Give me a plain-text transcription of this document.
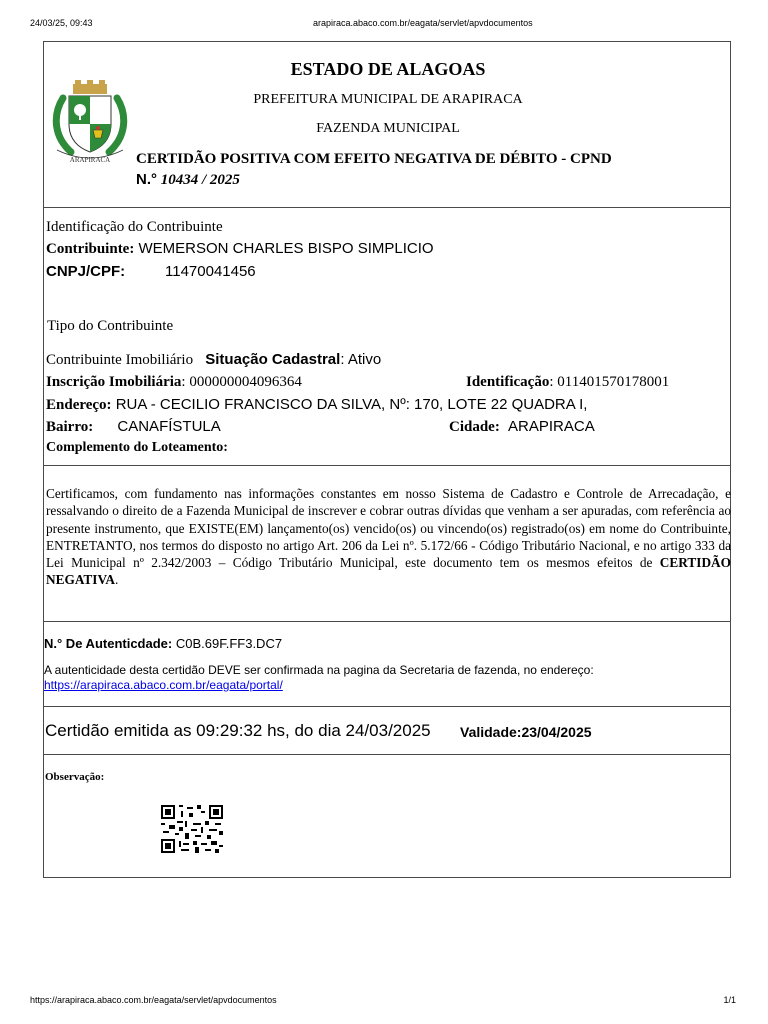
24/03/25, 09:43	arapiraca.abaco.com.br/eagata/servlet/apvdocumentos
ARAPIRACA
ESTADO DE ALAGOAS
PREFEITURA MUNICIPAL DE ARAPIRACA
FAZENDA MUNICIPAL
CERTIDÃO POSITIVA COM EFEITO NEGATIVA DE DÉBITO - CPND
N.° 10434 / 2025
Identificação do Contribuinte
Contribuinte: WEMERSON CHARLES BISPO SIMPLICIO
CNPJ/CPF:	11470041456
Tipo do Contribuinte
Contribuinte Imobiliário Situação Cadastral: Ativo
Inscrição Imobiliária: 000000004096364	Identificação: 011401570178001
Endereço: RUA - CECILIO FRANCISCO DA SILVA, Nº: 170, LOTE 22 QUADRA I,
Bairro: CANAFÍSTULA	Cidade: ARAPIRACA
Complemento do Loteamento:
Certificamos, com fundamento nas informações constantes em nosso Sistema de Cadastro e Controle de Arrecadação, e ressalvando o direito de a Fazenda Municipal de inscrever e cobrar outras dívidas que venham a ser apuradas, com referência ao presente instrumento, que EXISTE(EM) lançamento(os) vencido(os) ou vincendo(os) registrado(os) em nome do Contribuinte, ENTRETANTO, nos termos do disposto no artigo Art. 206 da Lei nº. 5.172/66 - Código Tributário Nacional, e no artigo 333 da Lei Municipal nº 2.342/2003 – Código Tributário Municipal, este documento tem os mesmos efeitos de CERTIDÃO NEGATIVA.
N.° De Autenticdade: C0B.69F.FF3.DC7
A autenticidade desta certidão DEVE ser confirmada na pagina da Secretaria de fazenda, no endereço:
https://arapiraca.abaco.com.br/eagata/portal/
Certidão emitida as 09:29:32 hs, do dia 24/03/2025 Validade:23/04/2025
Observação:
https://arapiraca.abaco.com.br/eagata/servlet/apvdocumentos	1/1
